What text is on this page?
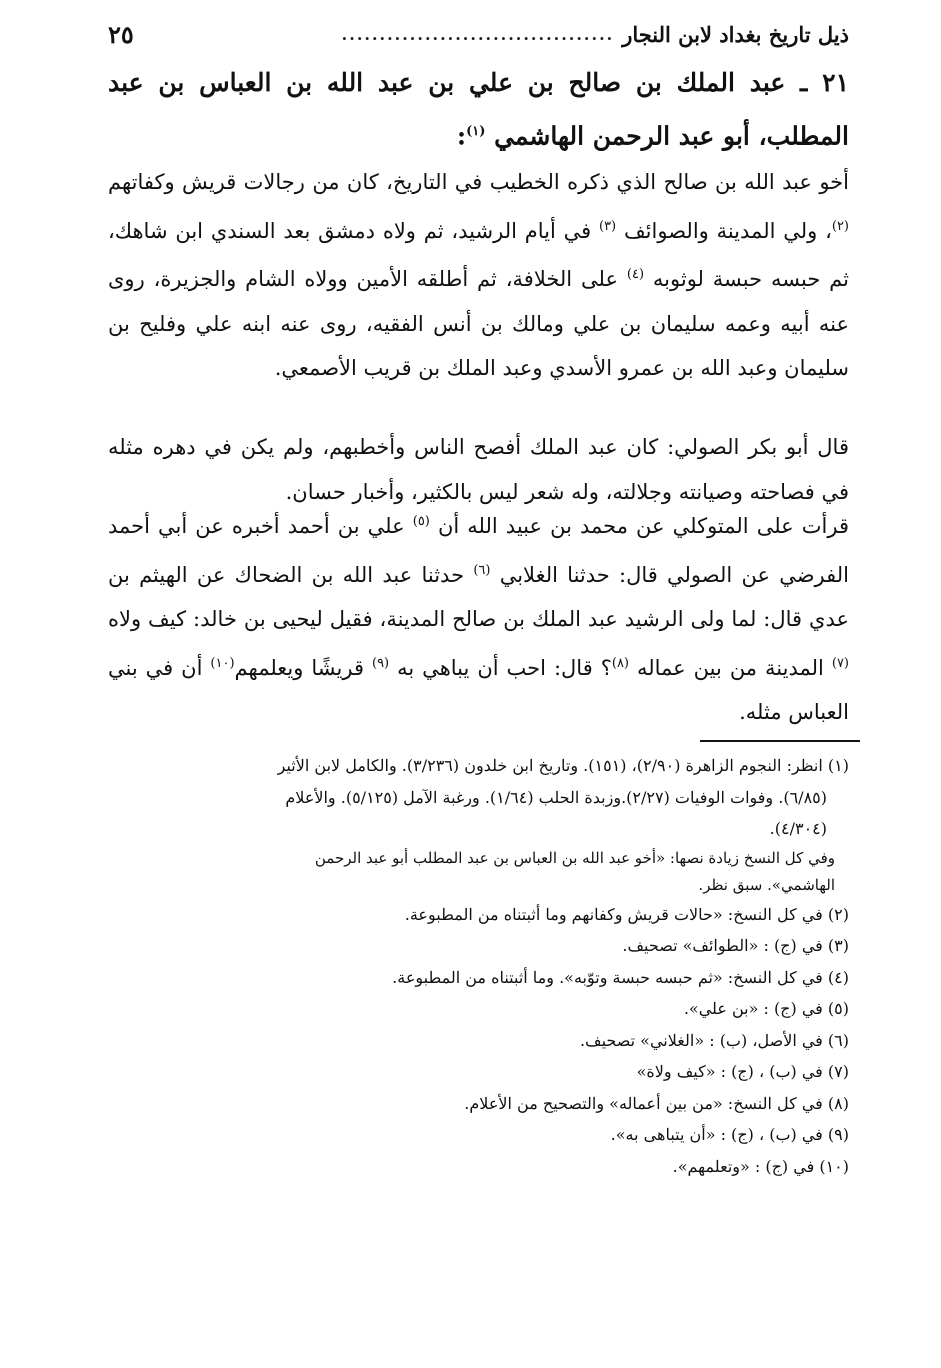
ذيل تاريخ بغداد لابن النجار
....................................
٢٥
٢١ ـ عبد الملك بن صالح بن علي بن عبد الله بن العباس بن عبد المطلب، أبو عبد الرحمن الهاشمي $^{(١)}$:

أخو عبد الله بن صالح الذي ذكره الخطيب في التاريخ، كان من رجالات قريش وكفاتهم $^{(٢)}$، ولي المدينة والصوائف $^{(٣)}$ في أيام الرشيد، ثم ولاه دمشق بعد السندي ابن شاهك، ثم حبسه حبسة لوثوبه $^{(٤)}$ على الخلافة، ثم أطلقه الأمين وولاه الشام والجزيرة، روى عنه أبيه وعمه سليمان بن علي ومالك بن أنس الفقيه، روى عنه ابنه علي وفليح بن سليمان وعبد الله بن عمرو الأسدي وعبد الملك بن قريب الأصمعي.

قال أبو بكر الصولي: كان عبد الملك أفصح الناس وأخطبهم، ولم يكن في دهره مثله في فصاحته وصيانته وجلالته، وله شعر ليس بالكثير، وأخبار حسان.

قرأت على المتوكلي عن محمد بن عبيد الله أن $^{(٥)}$ علي بن أحمد أخبره عن أبي أحمد الفرضي عن الصولي قال: حدثنا الغلابي $^{(٦)}$ حدثنا عبد الله بن الضحاك عن الهيثم بن عدي قال: لما ولى الرشيد عبد الملك بن صالح المدينة، فقيل ليحيى بن خالد: كيف ولاه $^{(٧)}$ المدينة من بين عماله $^{(٨)}$؟ قال: احب أن يباهي به $^{(٩)}$ قريشًا ويعلمهم$^{(١٠)}$ أن في بني العباس مثله.

(١) انظر: النجوم الزاهرة (٢/٩٠)، (١٥١). وتاريخ ابن خلدون (٣/٢٣٦). والكامل لابن الأثير

(٦/٨٥). وفوات الوفيات (٢/٢٧).وزبدة الحلب (١/٦٤). ورغبة الآمل (٥/١٢٥). والأعلام

(٤/٣٠٤).

وفي كل النسخ زيادة نصها: «أخو عبد الله بن العباس بن عبد المطلب أبو عبد الرحمن

الهاشمي». سبق نظر.

(٢) في كل النسخ: «حالات قريش وكفانهم وما أثبتناه من المطبوعة.

(٣) في (ج) : «الطوائف» تصحيف.

(٤) في كل النسخ: «ثم حبسه حبسة وتوّبه». وما أثبتناه من المطبوعة.

(٥) في (ج) : «بن علي».

(٦) في الأصل، (ب) : «الغلاني» تصحيف.

(٧) في (ب) ، (ج) : «كيف ولاة»

(٨) في كل النسخ: «من بين أعماله» والتصحيح من الأعلام.

(٩) في (ب) ، (ج) : «أن يتباهى به».

(١٠) في (ج) : «وتعلمهم».
